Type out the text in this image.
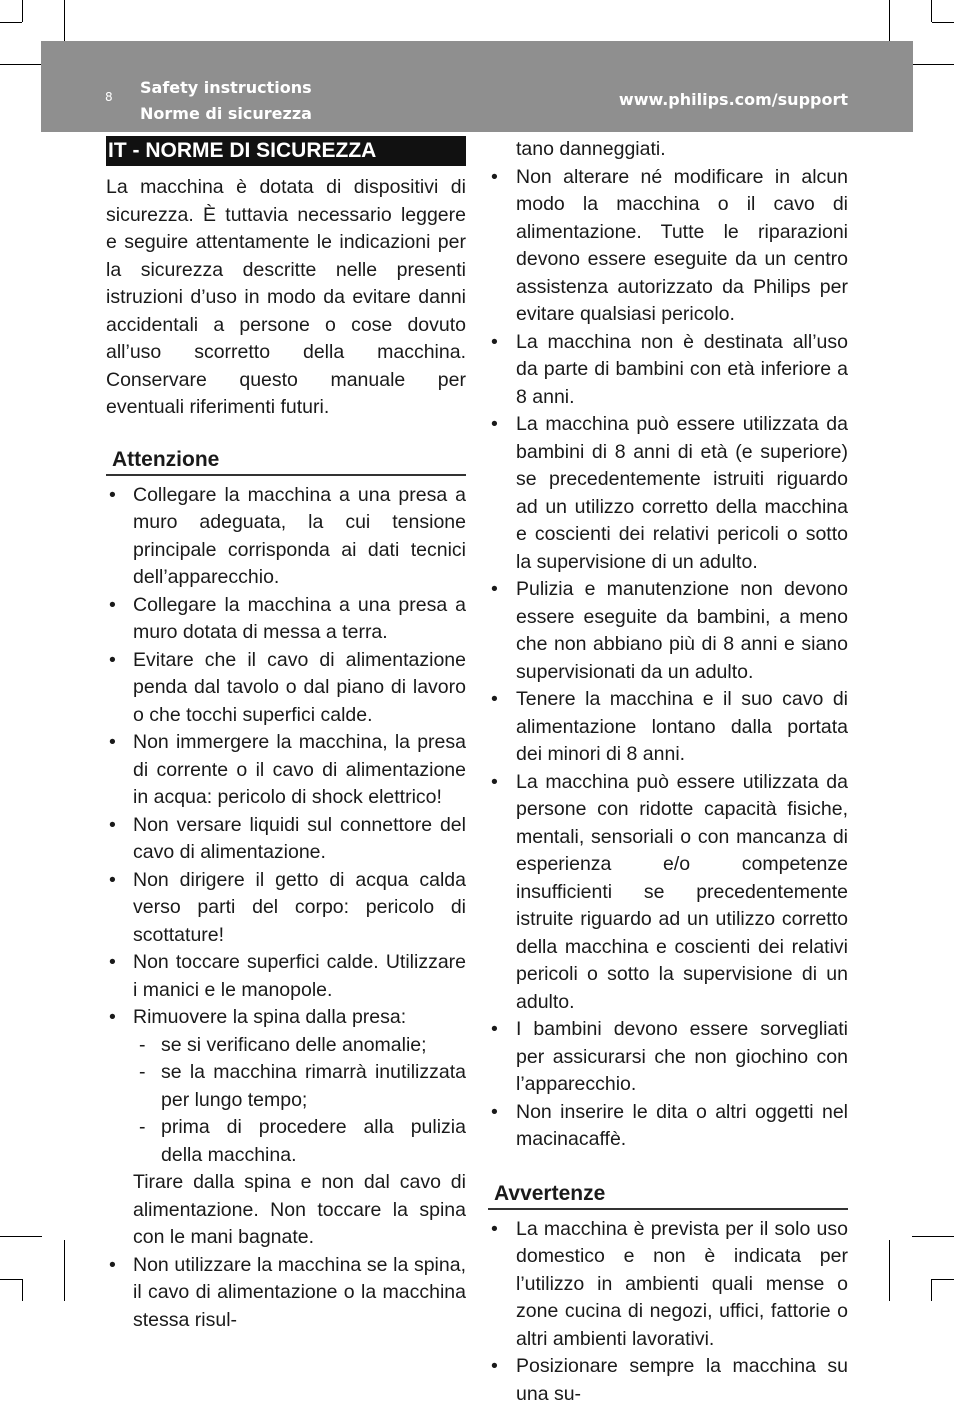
8 Safety instructions
Norme di sicurezza
www.philips.com/support
IT - NORME DI SICUREZZA

La macchina è dotata di dispositivi di sicurezza. È tuttavia necessario leggere e seguire attentamente le indicazioni per la sicurezza descritte nelle presenti istruzioni d’uso in modo da evitare danni accidentali a persone o cose dovuto all’uso scorretto della macchina. Conservare questo manuale per eventuali riferimenti futuri.

Attenzione
• Collegare la macchina a una presa a muro adeguata, la cui tensione principale corrisponda ai dati tecnici dell’apparecchio.
• Collegare la macchina a una presa a muro dotata di messa a terra.
• Evitare che il cavo di alimentazione penda dal tavolo o dal piano di lavoro o che tocchi superfici calde.
• Non immergere la macchina, la presa di corrente o il cavo di alimentazione in acqua: pericolo di shock elettrico!
• Non versare liquidi sul connettore del cavo di alimentazione.
• Non dirigere il getto di acqua calda verso parti del corpo: pericolo di scottature!
• Non toccare superfici calde. Utilizzare i manici e le manopole.
• Rimuovere la spina dalla presa:
- se si verificano delle anomalie;
- se la macchina rimarrà inutilizzata per lungo tempo;
- prima di procedere alla pulizia della macchina.
Tirare dalla spina e non dal cavo di alimentazione. Non toccare la spina con le mani bagnate.
• Non utilizzare la macchina se la spina, il cavo di alimentazione o la macchina stessa risul-
tano danneggiati.
• Non alterare né modificare in alcun modo la macchina o il cavo di alimentazione. Tutte le riparazioni devono essere eseguite da un centro assistenza autorizzato da Philips per evitare qualsiasi pericolo.
• La macchina non è destinata all’uso da parte di bambini con età inferiore a 8 anni.
• La macchina può essere utilizzata da bambini di 8 anni di età (e superiore) se precedentemente istruiti riguardo ad un utilizzo corretto della macchina e coscienti dei relativi pericoli o sotto la supervisione di un adulto.
• Pulizia e manutenzione non devono essere eseguite da bambini, a meno che non abbiano più di 8 anni e siano supervisionati da un adulto.
• Tenere la macchina e il suo cavo di alimentazione lontano dalla portata dei minori di 8 anni.
• La macchina può essere utilizzata da persone con ridotte capacità fisiche, mentali, sensoriali o con mancanza di esperienza e/o competenze insufficienti se precedentemente istruite riguardo ad un utilizzo corretto della macchina e coscienti dei relativi pericoli o sotto la supervisione di un adulto.
• I bambini devono essere sorvegliati per assicurarsi che non giochino con l’apparecchio.
• Non inserire le dita o altri oggetti nel macinacaffè.
Avvertenze
• La macchina è prevista per il solo uso domestico e non è indicata per l’utilizzo in ambienti quali mense o zone cucina di negozi, uffici, fattorie o altri ambienti lavorativi.
• Posizionare sempre la macchina su una su-
